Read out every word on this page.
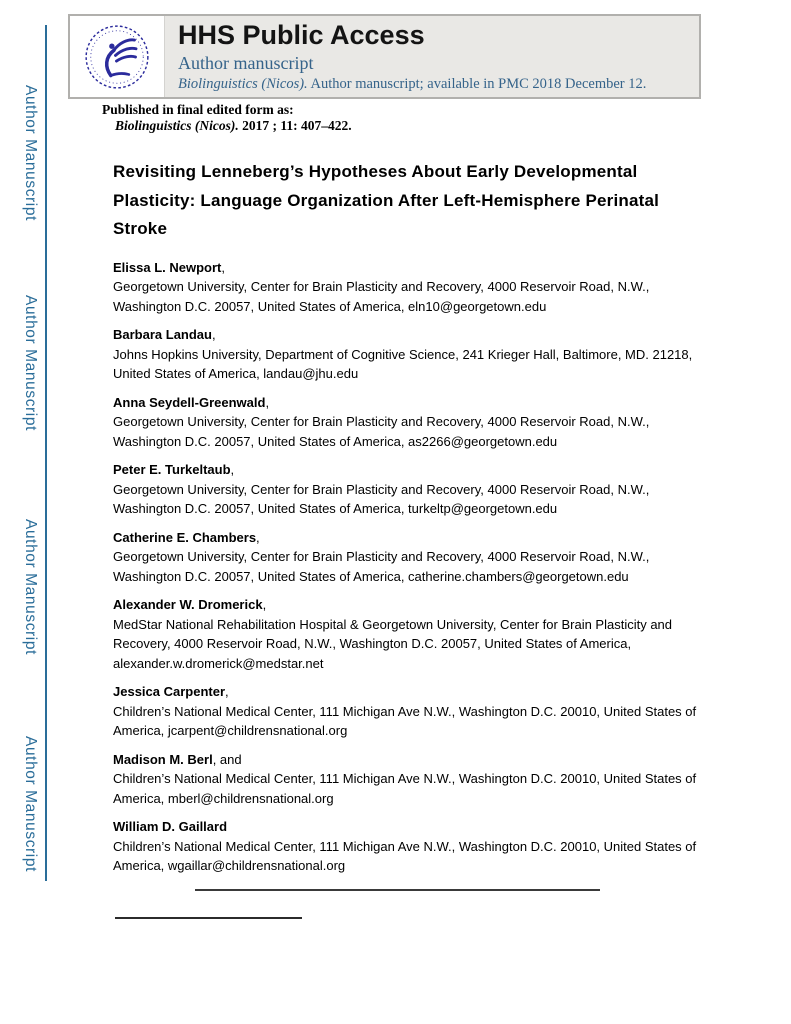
Author Manuscript
Author Manuscript
Author Manuscript
Author Manuscript
HHS Public Access
Author manuscript
Biolinguistics (Nicos). Author manuscript; available in PMC 2018 December 12.
Published in final edited form as:
Biolinguistics (Nicos). 2017 ; 11: 407–422.
Revisiting Lenneberg’s Hypotheses About Early Developmental Plasticity: Language Organization After Left-Hemisphere Perinatal Stroke
Elissa L. Newport,
Georgetown University, Center for Brain Plasticity and Recovery, 4000 Reservoir Road, N.W., Washington D.C. 20057, United States of America, eln10@georgetown.edu
Barbara Landau,
Johns Hopkins University, Department of Cognitive Science, 241 Krieger Hall, Baltimore, MD. 21218, United States of America, landau@jhu.edu
Anna Seydell-Greenwald,
Georgetown University, Center for Brain Plasticity and Recovery, 4000 Reservoir Road, N.W., Washington D.C. 20057, United States of America, as2266@georgetown.edu
Peter E. Turkeltaub,
Georgetown University, Center for Brain Plasticity and Recovery, 4000 Reservoir Road, N.W., Washington D.C. 20057, United States of America, turkeltp@georgetown.edu
Catherine E. Chambers,
Georgetown University, Center for Brain Plasticity and Recovery, 4000 Reservoir Road, N.W., Washington D.C. 20057, United States of America, catherine.chambers@georgetown.edu
Alexander W. Dromerick,
MedStar National Rehabilitation Hospital & Georgetown University, Center for Brain Plasticity and Recovery, 4000 Reservoir Road, N.W., Washington D.C. 20057, United States of America, alexander.w.dromerick@medstar.net
Jessica Carpenter,
Children’s National Medical Center, 111 Michigan Ave N.W., Washington D.C. 20010, United States of America, jcarpent@childrensnational.org
Madison M. Berl, and
Children’s National Medical Center, 111 Michigan Ave N.W., Washington D.C. 20010, United States of America, mberl@childrensnational.org
William D. Gaillard
Children’s National Medical Center, 111 Michigan Ave N.W., Washington D.C. 20010, United States of America, wgaillar@childrensnational.org
